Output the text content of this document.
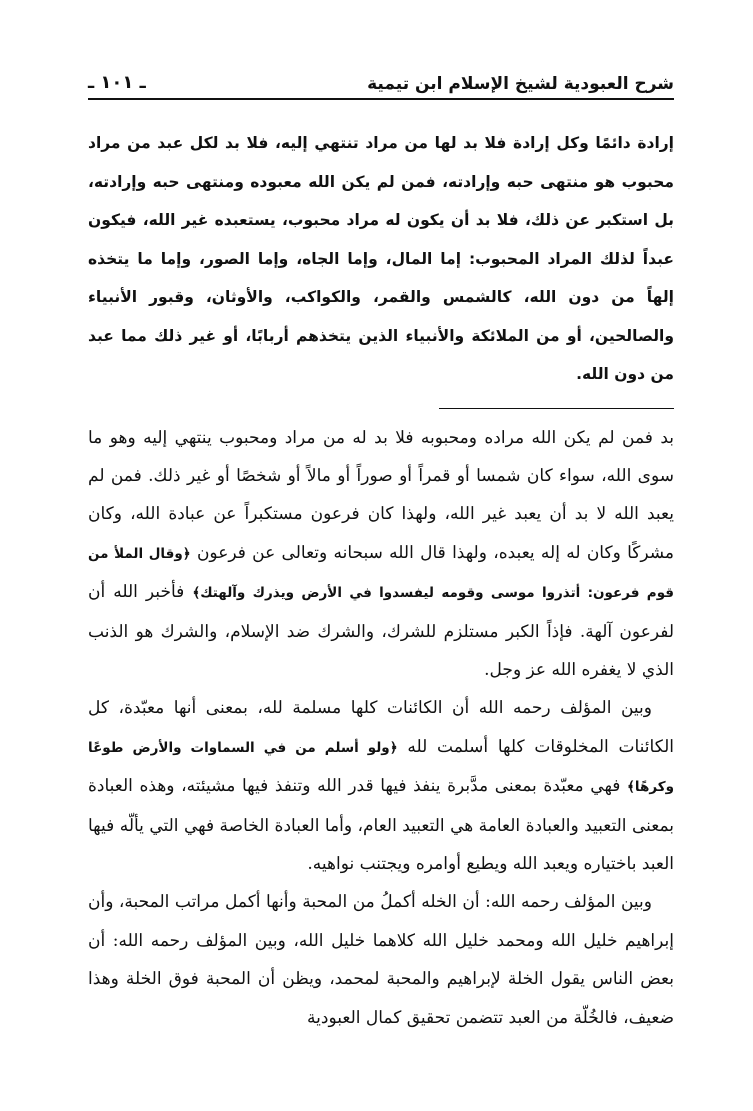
شرح العبودية لشيخ الإسلام ابن تيمية
ـ ١٠١ ـ
إرادة دائمًا وكل إرادة فلا بد لها من مراد تنتهي إليه، فلا بد لكل عبد من مراد محبوب هو منتهى حبه وإرادته، فمن لم يكن الله معبوده ومنتهى حبه وإرادته، بل استكبر عن ذلك، فلا بد أن يكون له مراد محبوب، يستعبده غير الله، فيكون عبداً لذلك المراد المحبوب: إما المال، وإما الجاه، وإما الصور، وإما ما يتخذه إلهاً من دون الله، كالشمس والقمر، والكواكب، والأوثان، وقبور الأنبياء والصالحين، أو من الملائكة والأنبياء الذين يتخذهم أربابًا، أو غير ذلك مما عبد من دون الله.

بد فمن لم يكن الله مراده ومحبوبه فلا بد له من مراد ومحبوب ينتهي إليه وهو ما سوى الله، سواء كان شمسا أو قمراً أو صوراً أو مالاً أو شخصًا أو غير ذلك. فمن لم يعبد الله لا بد أن يعبد غير الله، ولهذا كان فرعون مستكبراً عن عبادة الله، وكان مشركًا وكان له إله يعبده، ولهذا قال الله سبحانه وتعالى عن فرعون ﴿وقال الملأ من قوم فرعون: أتذروا موسى وقومه ليفسدوا في الأرض ويذرك وآلهتك﴾ فأخبر الله أن لفرعون آلهة. فإذاً الكبر مستلزم للشرك، والشرك ضد الإسلام، والشرك هو الذنب الذي لا يغفره الله عز وجل.

وبين المؤلف رحمه الله أن الكائنات كلها مسلمة لله، بمعنى أنها معبّدة، كل الكائنات المخلوقات كلها أسلمت لله ﴿ولو أسلم من في السماوات والأرض طوعًا وكرهًا﴾ فهي معبّدة بمعنى مدَّبرة ينفذ فيها قدر الله وتنفذ فيها مشيئته، وهذه العبادة بمعنى التعبيد والعبادة العامة هي التعبيد العام، وأما العبادة الخاصة فهي التي يألّه فيها العبد باختياره ويعبد الله ويطيع أوامره ويجتنب نواهيه.

وبين المؤلف رحمه الله: أن الخله أكملُ من المحبة وأنها أكمل مراتب المحبة، وأن إبراهيم خليل الله ومحمد خليل الله كلاهما خليل الله، وبين المؤلف رحمه الله: أن بعض الناس يقول الخلة لإبراهيم والمحبة لمحمد، ويظن أن المحبة فوق الخلة وهذا ضعيف، فالخُلّة من العبد تتضمن تحقيق كمال العبودية
